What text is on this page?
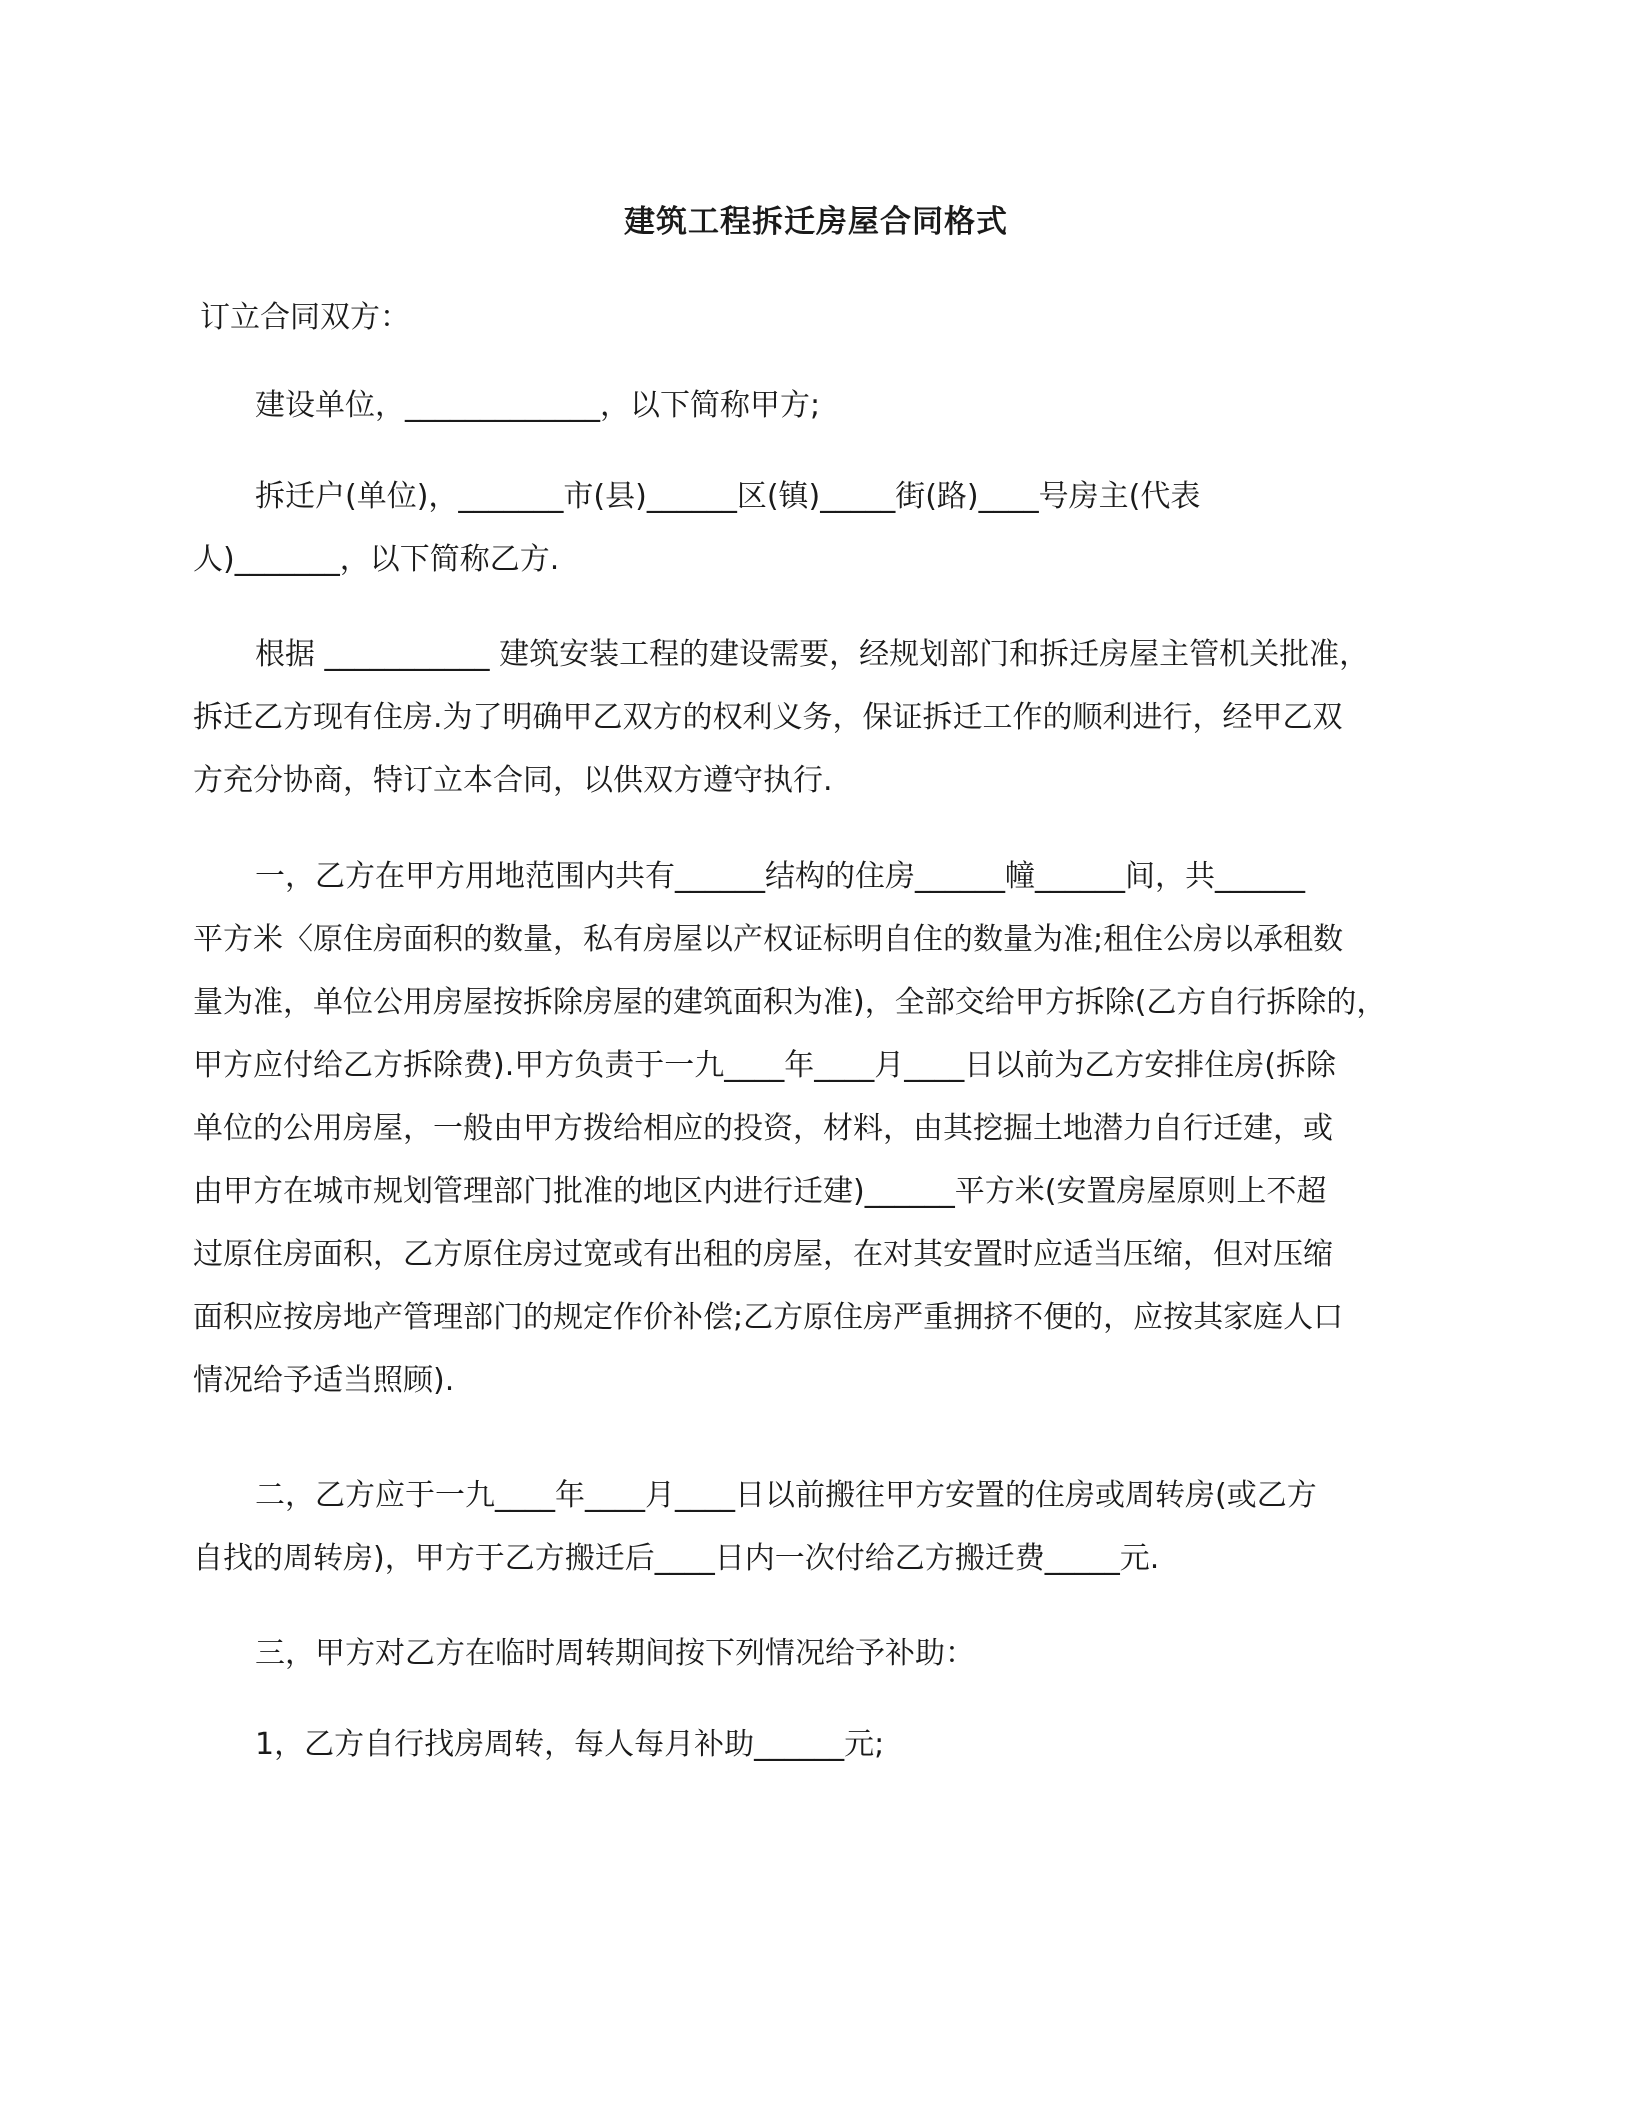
建筑工程拆迁房屋合同格式
订立合同双方：
建设单位，_____________，以下简称甲方;
拆迁户(单位)，_______市(县)______区(镇)_____街(路)____号房主(代表
人)_______，以下简称乙方.
根据 ___________ 建筑安装工程的建设需要，经规划部门和拆迁房屋主管机关批准，
拆迁乙方现有住房.为了明确甲乙双方的权利义务，保证拆迁工作的顺利进行，经甲乙双
方充分协商，特订立本合同，以供双方遵守执行.
一，乙方在甲方用地范围内共有______结构的住房______幢______间，共______
平方米〈原住房面积的数量，私有房屋以产权证标明自住的数量为准;租住公房以承租数
量为准，单位公用房屋按拆除房屋的建筑面积为准)，全部交给甲方拆除(乙方自行拆除的，
甲方应付给乙方拆除费).甲方负责于一九____年____月____日以前为乙方安排住房(拆除
单位的公用房屋，一般由甲方拨给相应的投资，材料，由其挖掘土地潜力自行迁建，或
由甲方在城市规划管理部门批准的地区内进行迁建)______平方米(安置房屋原则上不超
过原住房面积，乙方原住房过宽或有出租的房屋，在对其安置时应适当压缩，但对压缩
面积应按房地产管理部门的规定作价补偿;乙方原住房严重拥挤不便的，应按其家庭人口
情况给予适当照顾).
二，乙方应于一九____年____月____日以前搬往甲方安置的住房或周转房(或乙方
自找的周转房)，甲方于乙方搬迁后____日内一次付给乙方搬迁费_____元.
三，甲方对乙方在临时周转期间按下列情况给予补助：
1，乙方自行找房周转，每人每月补助______元;
